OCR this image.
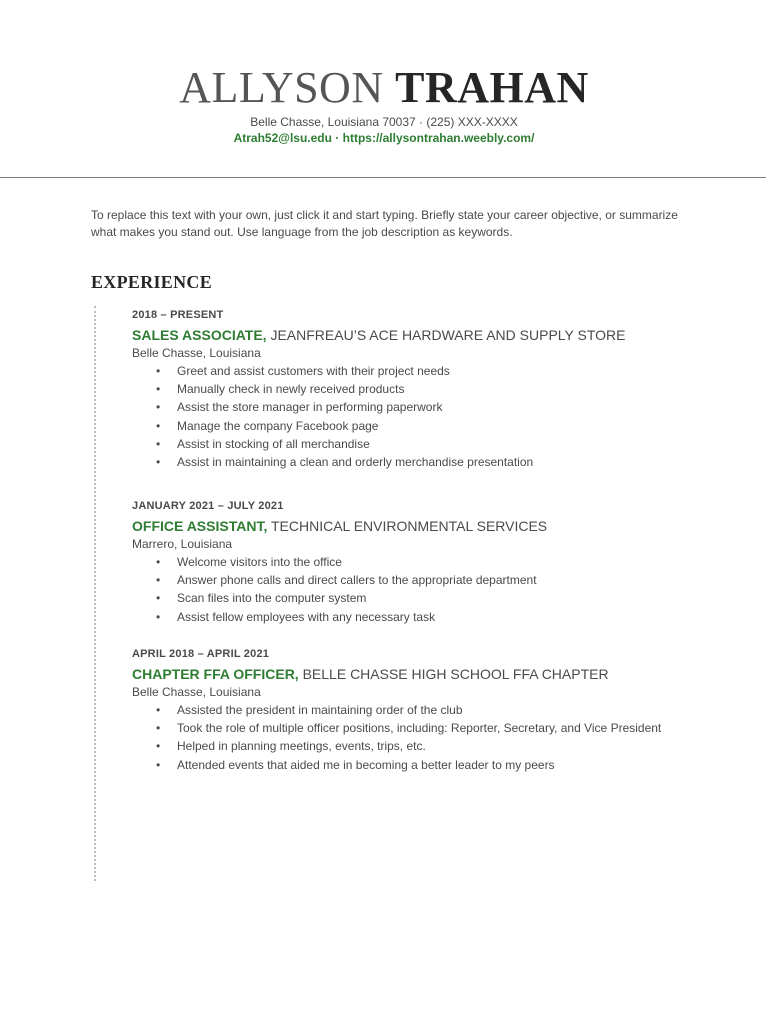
ALLYSON TRAHAN
Belle Chasse, Louisiana 70037 · (225) XXX-XXXX
Atrah52@lsu.edu · https://allysontrahan.weebly.com/
To replace this text with your own, just click it and start typing. Briefly state your career objective, or summarize what makes you stand out. Use language from the job description as keywords.
EXPERIENCE
2018 – PRESENT
SALES ASSOCIATE, JEANFREAU’S ACE HARDWARE AND SUPPLY STORE
Belle Chasse, Louisiana
• Greet and assist customers with their project needs
• Manually check in newly received products
• Assist the store manager in performing paperwork
• Manage the company Facebook page
• Assist in stocking of all merchandise
• Assist in maintaining a clean and orderly merchandise presentation
JANUARY 2021 – JULY 2021
OFFICE ASSISTANT, TECHNICAL ENVIRONMENTAL SERVICES
Marrero, Louisiana
• Welcome visitors into the office
• Answer phone calls and direct callers to the appropriate department
• Scan files into the computer system
• Assist fellow employees with any necessary task
APRIL 2018 – APRIL 2021
CHAPTER FFA OFFICER, BELLE CHASSE HIGH SCHOOL FFA CHAPTER
Belle Chasse, Louisiana
• Assisted the president in maintaining order of the club
• Took the role of multiple officer positions, including: Reporter, Secretary, and Vice President
• Helped in planning meetings, events, trips, etc.
• Attended events that aided me in becoming a better leader to my peers
